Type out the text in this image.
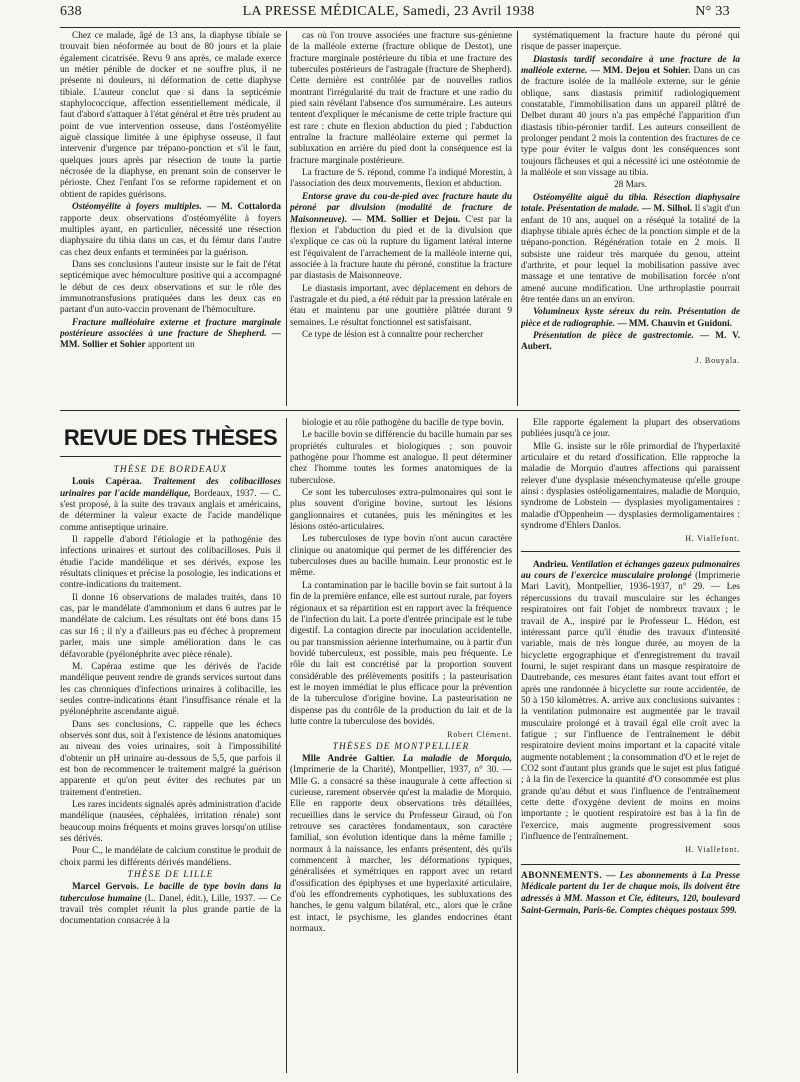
638	LA PRESSE MÉDICALE, Samedi, 23 Avril 1938	N° 33

Chez ce malade, âgé de 13 ans, la diaphyse tibiale se trouvait bien néoformée au bout de 80 jours et la plaie également cicatrisée. Revu 9 ans après, ce malade exerce un métier pénible de docker et ne souffre plus, il ne présente ni douleurs, ni déformation de cette diaphyse tibiale. L'auteur conclut que si dans la septicémie staphylococcique, affection essentiellement médicale, il faut d'abord s'attaquer à l'état général et être très prudent au point de vue intervention osseuse, dans l'ostéomyélite aiguë classique limitée à une épiphyse osseuse, il faut intervenir d'urgence par trépano-ponction et s'il le faut, quelques jours après par résection de toute la partie nécrosée de la diaphyse, en prenant soin de conserver le périoste. Chez l'enfant l'os se reforme rapidement et on obtient de rapides guérisons.

Ostéomyélite à foyers multiples. — M. Cottalorda rapporte deux observations d'ostéomyélite à foyers multiples ayant, en particulier, nécessité une résection diaphysaire du tibia dans un cas, et du fémur dans l'autre cas chez deux enfants et terminées par la guérison.

Dans ses conclusions l'auteur insiste sur le fait de l'état septicémique avec hémoculture positive qui a accompagné le début de ces deux observations et sur le rôle des immunotransfusions pratiquées dans les deux cas en partant d'un auto-vaccin provenant de l'hémoculture.

Fracture malléolaire externe et fracture marginale postérieure associées à une fracture de Shepherd. — MM. Sollier et Sohier apportent un

cas où l'on trouve associées une fracture sus-génienne de la malléole externe (fracture oblique de Destot), une fracture marginale postérieure du tibia et une fracture des tubercules postérieurs de l'astragale (fracture de Shepherd). Cette dernière est contrôlée par de nouvelles radios montrant l'irrégularité du trait de fracture et une radio du pied sain révélant l'absence d'os surnuméraire. Les auteurs tentent d'expliquer le mécanisme de cette triple fracture qui est rare : chute en flexion abduction du pied ; l'abduction entraîne la fracture malléolaire externe qui permet la subluxation en arrière du pied dont la conséquence est la fracture marginale postérieure.

La fracture de S. répond, comme l'a indiqué Morestin, à l'association des deux mouvements, flexion et abduction.

Entorse grave du cou-de-pied avec fracture haute du péroné par divulsion (modalité de fracture de Maisonneuve). — MM. Sollier et Dejou. C'est par la flexion et l'abduction du pied et de la divulsion que s'explique ce cas où la rupture du ligament latéral interne est l'équivalent de l'arrachement de la malléole interne qui, associée à la fracture haute du péroné, constitue la fracture par diastasis de Maisonneuve.

Le diastasis important, avec déplacement en dehors de l'astragale et du pied, a été réduit par la pression latérale en étau et maintenu par une gouttière plâtrée durant 9 semaines. Le résultat fonctionnel est satisfaisant.

Ce type de lésion est à connaître pour rechercher

systématiquement la fracture haute du péroné qui risque de passer inaperçue.

Diastasis tardif secondaire à une fracture de la malléole externe. — MM. Dejou et Sohier. Dans un cas de fracture isolée de la malléole externe, sur le génie oblique, sans diastasis primitif radiologiquement constatable, l'immobilisation dans un appareil plâtré de Delbet durant 40 jours n'a pas empêché l'apparition d'un diastasis tibio-péronier tardif. Les auteurs conseillent de prolonger pendant 2 mois la contention des fractures de ce type pour éviter le valgus dont les conséquences sont toujours fâcheuses et qui a nécessité ici une ostéotomie de la malléole et son vissage au tibia.

28 Mars.

Ostéomyélite aiguë du tibia. Résection diaphysaire totale. Présentation de malade. — M. Silhol. Il s'agit d'un enfant de 10 ans, auquel on a réséqué la totalité de la diaphyse tibiale après échec de la ponction simple et de la trépano-ponction. Régénération totale en 2 mois. Il subsiste une raideur très marquée du genou, atteint d'arthrite, et pour lequel la mobilisation passive avec massage et une tentative de mobilisation forcée n'ont amené aucune modification. Une arthroplastie pourrait être tentée dans un an environ.

Volumineux kyste séreux du rein. Présentation de pièce et de radiographie. — MM. Chauvin et Guidoni.

Présentation de pièce de gastrectomie. — M. V. Aubert.

J. Bouyala.

REVUE DES THÈSES

THÈSE DE BORDEAUX

Louis Capéraa. Traitement des colibacilloses urinaires par l'acide mandélique, Bordeaux, 1937. — C. s'est proposé, à la suite des travaux anglais et américains, de déterminer la valeur exacte de l'acide mandélique comme antiseptique urinaire.

Il rappelle d'abord l'étiologie et la pathogénie des infections urinaires et surtout des colibacilloses. Puis il étudie l'acide mandélique et ses dérivés, expose les résultats cliniques et précise la posologie, les indications et contre-indications du traitement.

Il donne 16 observations de malades traités, dans 10 cas, par le mandélate d'ammonium et dans 6 autres par le mandélate de calcium. Les résultats ont été bons dans 15 cas sur 16 ; il n'y a d'ailleurs pas eu d'échec à proprement parler, mais une simple amélioration dans le cas défavorable (pyélonéphrite avec pièce rénale).

M. Capéraa estime que les dérivés de l'acide mandélique peuvent rendre de grands services surtout dans les cas chroniques d'infections urinaires à colibacille, les seules contre-indications étant l'insuffisance rénale et la pyélonéphrite ascendante aiguë.

Dans ses conclusions, C. rappelle que les échecs observés sont dus, soit à l'existence de lésions anatomiques au niveau des voies urinaires, soit à l'impossibilité d'obtenir un pH urinaire au-dessous de 5,5, que parfois il est bon de recommencer le traitement malgré la guérison apparente et qu'on peut éviter des rechutes par un traitement d'entretien.

Les rares incidents signalés après administration d'acide mandélique (nausées, céphalées, irritation rénale) sont beaucoup moins fréquents et moins graves lorsqu'on utilise ses dérivés.

Pour C., le mandélate de calcium constitue le produit de choix parmi les différents dérivés mandéliens.

THÈSE DE LILLE

Marcel Gervois. Le bacille de type bovin dans la tuberculose humaine (L. Danel, édit.), Lille, 1937. — Ce travail très complet réunit la plus grande partie de la documentation consacrée à la

biologie et au rôle pathogène du bacille de type bovin.

Le bacille bovin se différencie du bacille humain par ses propriétés culturales et biologiques ; son pouvoir pathogène pour l'homme est analogue. Il peut déterminer chez l'homme toutes les formes anatomiques de la tuberculose.

Ce sont les tuberculoses extra-pulmonaires qui sont le plus souvent d'origine bovine, surtout les lésions ganglionnaires et cutanées, puis les méningites et les lésions ostéo-articulaires.

Les tuberculoses de type bovin n'ont aucun caractère clinique ou anatomique qui permet de les différencier des tuberculoses dues au bacille humain. Leur pronostic est le même.

La contamination par le bacille bovin se fait surtout à la fin de la première enfance, elle est surtout rurale, par foyers régionaux et sa répartition est en rapport avec la fréquence de l'infection du lait. La porte d'entrée principale est le tube digestif. La contagion directe par inoculation accidentelle, ou par transmission aérienne interhumaine, ou à partir d'un bovidé tuberculeux, est possible, mais peu fréquente. Le rôle du lait est concrétisé par la proportion souvent considérable des prélèvements positifs ; la pasteurisation est le moyen immédiat le plus efficace pour la prévention de la tuberculose d'origine bovine. La pasteurisation ne dispense pas du contrôle de la production du lait et de la lutte contre la tuberculose des bovidés.

Robert Clément.

THÈSES DE MONTPELLIER

Mlle Andrée Galtier. La maladie de Morquio, (Imprimerie de la Charité), Montpellier, 1937, n° 30. — Mlle G. a consacré sa thèse inaugurale à cette affection si curieuse, rarement observée qu'est la maladie de Morquio. Elle en rapporte deux observations très détaillées, recueillies dans le service du Professeur Giraud, où l'on retrouve ses caractères fondamentaux, son caractère familial, son évolution identique dans la même famille ; normaux à la naissance, les enfants présentent, dès qu'ils commencent à marcher, les déformations typiques, généralisées et symétriques en rapport avec un retard d'ossification des épiphyses et une hyperlaxité articulaire, d'où les effondrements cyphotiques, les subluxations des hanches, le genu valgum bilatéral, etc., alors que le crâne est intact, le psychisme, les glandes endocrines étant normaux.

Elle rapporte également la plupart des observations publiées jusqu'à ce jour.

Mlle G. insiste sur le rôle primordial de l'hyperlaxité articulaire et du retard d'ossification. Elle rapproche la maladie de Morquio d'autres affections qui paraissent relever d'une dysplasie mésenchymateuse qu'elle groupe ainsi : dysplasies ostéoligamentaires, maladie de Morquio, syndrome de Lobstein — dysplasies myoligamentaires : maladie d'Oppenheim — dysplasies dermoligamentaires : syndrome d'Ehlers Danlos.

H. Viallefont.

Andrieu. Ventilation et échanges gazeux pulmonaires au cours de l'exercice musculaire prolongé (Imprimerie Mari Lavit), Montpellier, 1936-1937, n° 29. — Les répercussions du travail musculaire sur les échanges respiratoires ont fait l'objet de nombreux travaux ; le travail de A., inspiré par le Professeur L. Hédon, est intéressant parce qu'il étudie des travaux d'intensité variable, mais de très longue durée, au moyen de la bicyclette ergographique et d'enregistrement du travail fourni, le sujet respirant dans un masque respiratoire de Dautrebande, ces mesures étant faites avant tout effort et après une randonnée à bicyclette sur route accidentée, de 50 à 150 kilomètres. A. arrive aux conclusions suivantes : la ventilation pulmonaire est augmentée par le travail musculaire prolongé et à travail égal elle croît avec la fatigue ; sur l'influence de l'entraînement le débit respiratoire devient moins important et la capacité vitale augmente notablement ; la consommation d'O et le rejet de CO2 sont d'autant plus grands que le sujet est plus fatigué ; à la fin de l'exercice la quantité d'O consommée est plus grande qu'au début et sous l'influence de l'entraînement cette dette d'oxygène devient de moins en moins importante ; le quotient respiratoire est bas à la fin de l'exercice, mais augmente progressivement sous l'influence de l'entraînement.

H. Viallefont.

ABONNEMENTS. — Les abonnements à La Presse Médicale partent du 1er de chaque mois, ils doivent être adressés à MM. Masson et Cie, éditeurs, 120, boulevard Saint-Germain, Paris-6e. Comptes chèques postaux 599.
